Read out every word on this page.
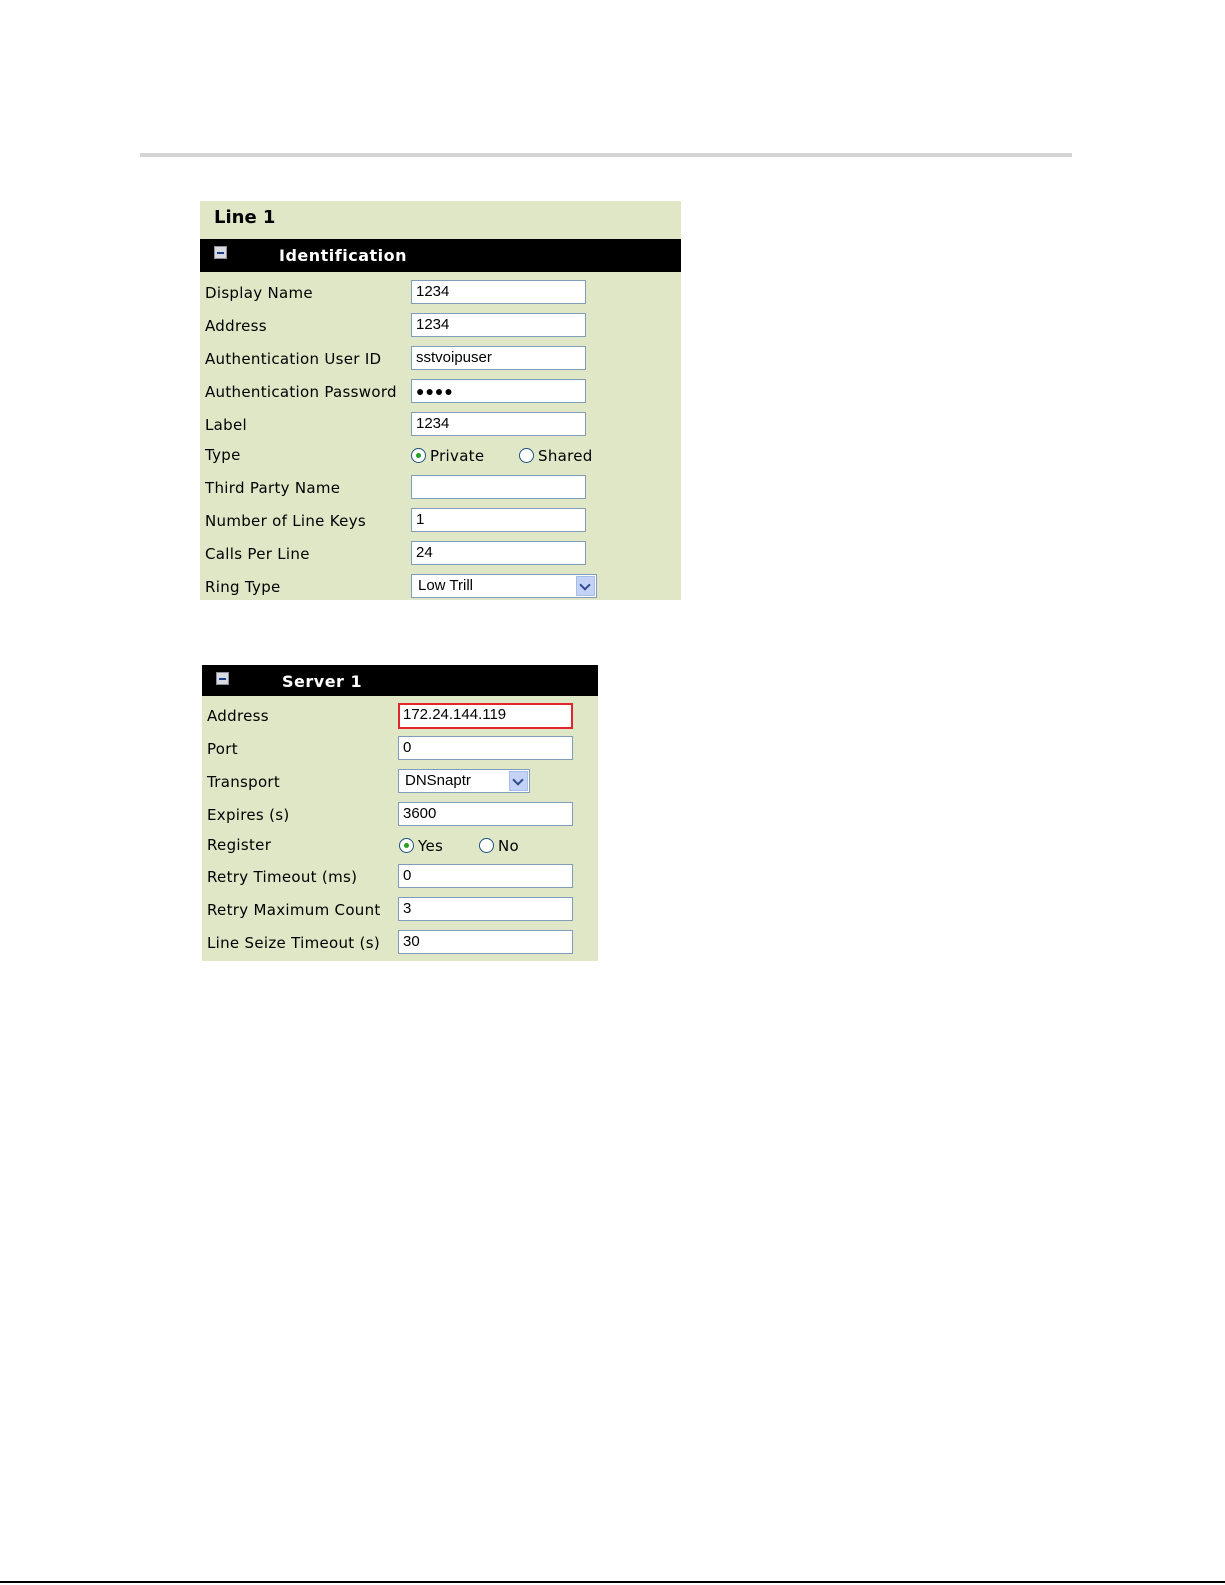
Line 1
Identification
Display Name	1234
Address	1234
Authentication User ID	sstvoipuser
Authentication Password	●●●●
Label	1234
Type	Private	Shared
Third Party Name
Number of Line Keys	1
Calls Per Line	24
Ring Type	Low Trill
Server 1
Address	172.24.144.119
Port	0
Transport	DNSnaptr
Expires (s)	3600
Register	Yes	No
Retry Timeout (ms)	0
Retry Maximum Count	3
Line Seize Timeout (s)	30
